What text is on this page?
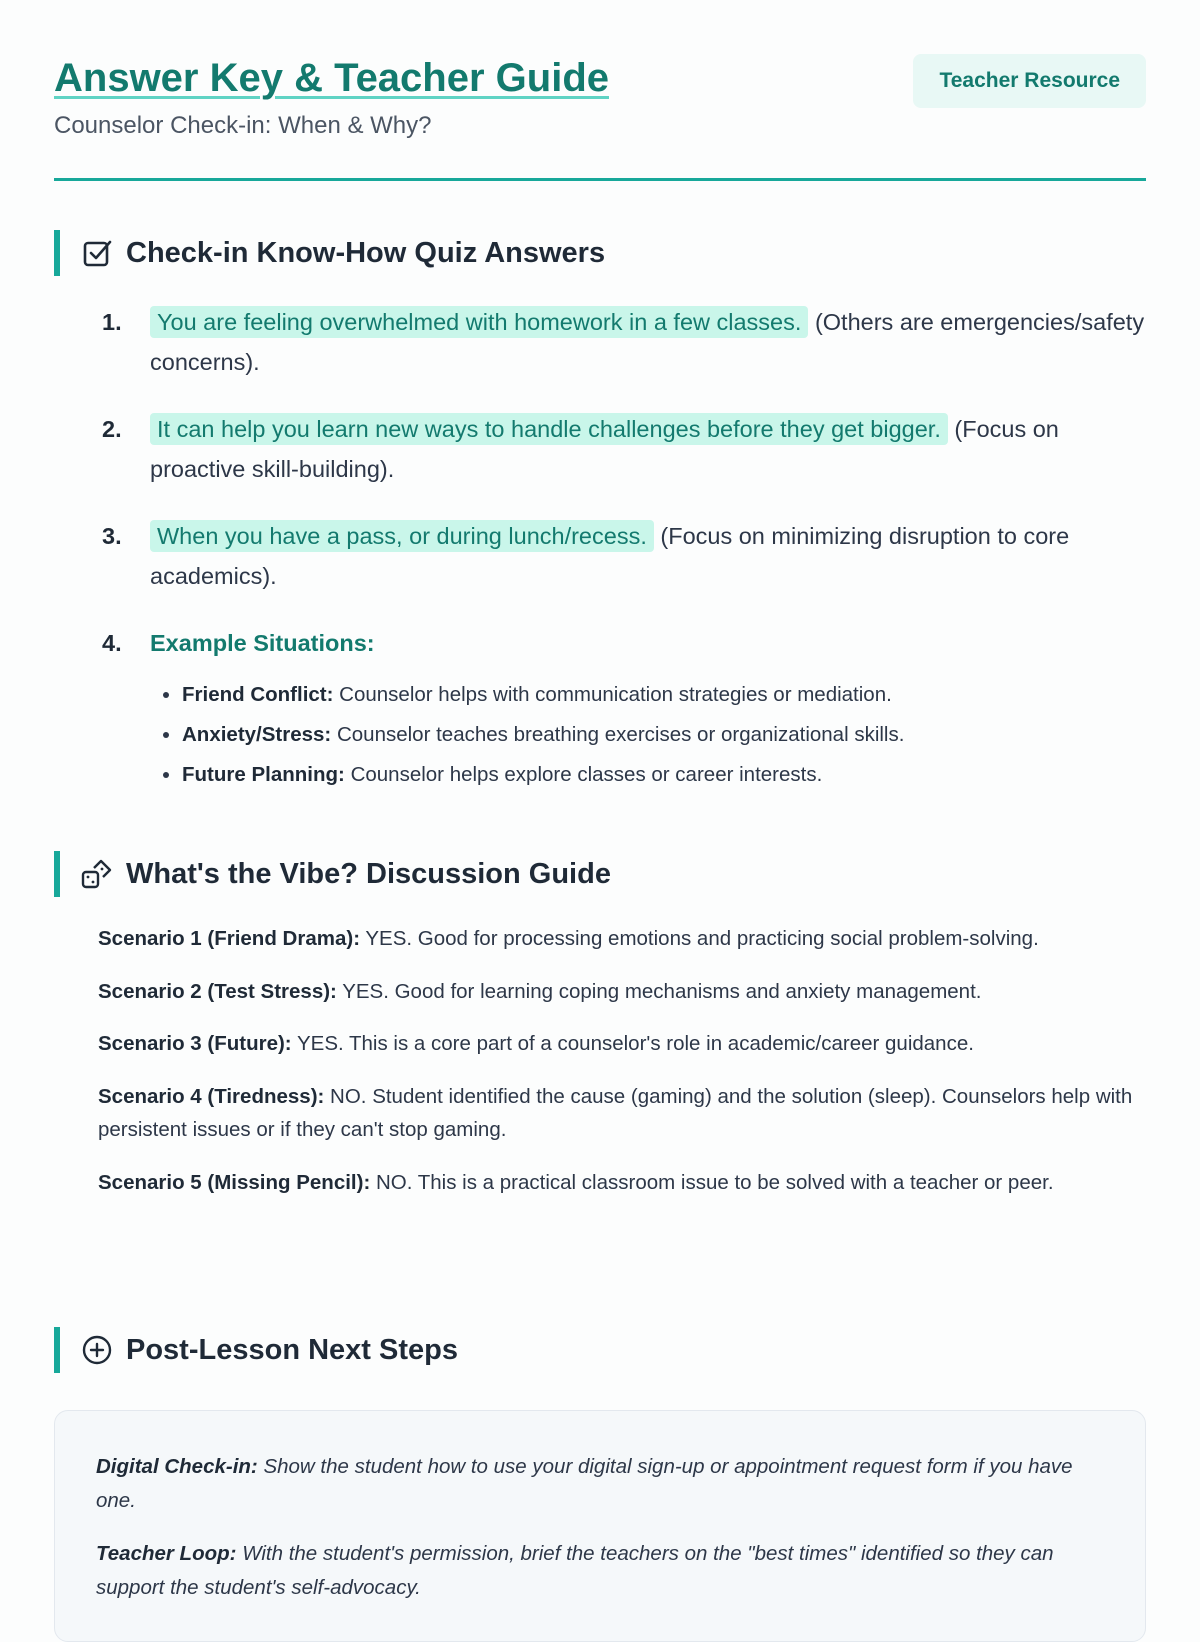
Answer Key & Teacher Guide
Counselor Check-in: When & Why?
Teacher Resource
Check-in Know-How Quiz Answers
1. You are feeling overwhelmed with homework in a few classes. (Others are emergencies/safety concerns).
2. It can help you learn new ways to handle challenges before they get bigger. (Focus on proactive skill-building).
3. When you have a pass, or during lunch/recess. (Focus on minimizing disruption to core academics).
4. Example Situations:
• Friend Conflict: Counselor helps with communication strategies or mediation.
• Anxiety/Stress: Counselor teaches breathing exercises or organizational skills.
• Future Planning: Counselor helps explore classes or career interests.
What's the Vibe? Discussion Guide

Scenario 1 (Friend Drama): YES. Good for processing emotions and practicing social problem-solving.

Scenario 2 (Test Stress): YES. Good for learning coping mechanisms and anxiety management.

Scenario 3 (Future): YES. This is a core part of a counselor's role in academic/career guidance.

Scenario 4 (Tiredness): NO. Student identified the cause (gaming) and the solution (sleep). Counselors help with persistent issues or if they can't stop gaming.

Scenario 5 (Missing Pencil): NO. This is a practical classroom issue to be solved with a teacher or peer.

Post-Lesson Next Steps

Digital Check-in: Show the student how to use your digital sign-up or appointment request form if you have one.

Teacher Loop: With the student's permission, brief the teachers on the "best times" identified so they can support the student's self-advocacy.
